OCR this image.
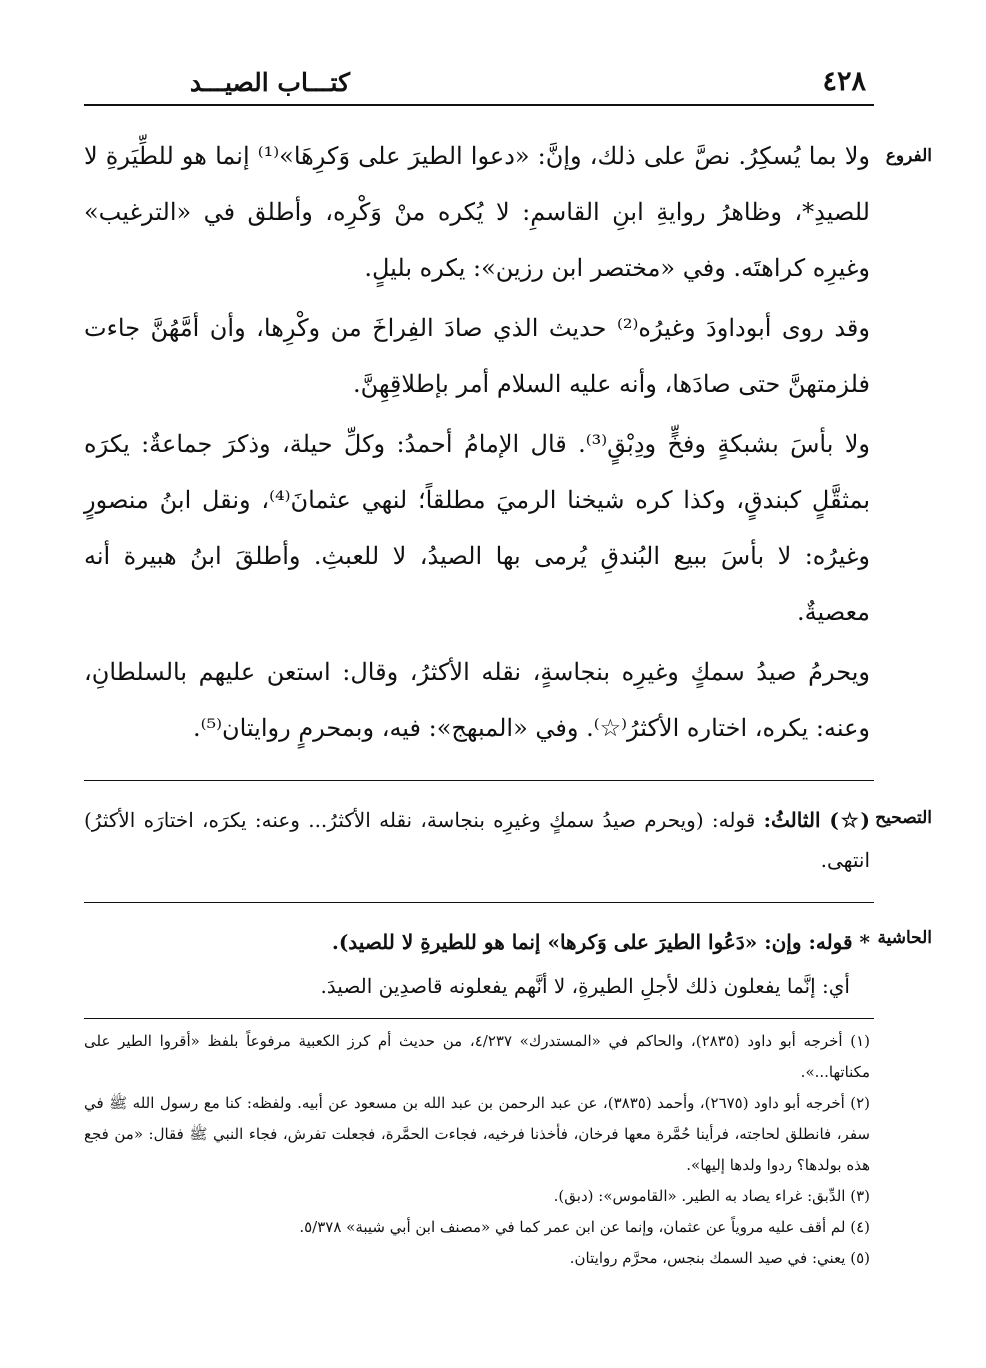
كتـــاب الصيـــد	٤٢٨
الفروع
التصحيح
الحاشية

ولا بما يُسكِرُ. نصَّ على ذلك، وإنَّ: «دعوا الطيرَ على وَكرِهَا»⁽¹⁾ إنما هو للطِّيَرةِ لا للصيدِ*، وظاهرُ روايةِ ابنِ القاسمِ: لا يُكره منْ وَكْرِه، وأطلق في «الترغيب» وغيرِه كراهتَه. وفي «مختصر ابن رزين»: يكره بليلٍ.

وقد روى أبوداودَ وغيرُه⁽²⁾ حديث الذي صادَ الفِراخَ من وكْرِها، وأن أمَّهُنَّ جاءت فلزمتهنَّ حتى صادَها، وأنه عليه السلام أمر بإطلاقِهِنَّ.

ولا بأسَ بشبكةٍ وفخٍّ ودِبْقٍ⁽³⁾. قال الإمامُ أحمدُ: وكلِّ حيلة، وذكرَ جماعةٌ: يكرَه بمثقَّلٍ كبندقٍ، وكذا كره شيخنا الرميَ مطلقاً؛ لنهي عثمانَ⁽⁴⁾، ونقل ابنُ منصورٍ وغيرُه: لا بأسَ ببيع البُندقِ يُرمى بها الصيدُ، لا للعبثِ. وأطلقَ ابنُ هبيرة أنه معصيةٌ.

ويحرمُ صيدُ سمكٍ وغيرِه بنجاسةٍ، نقله الأكثرُ، وقال: استعن عليهم بالسلطانِ، وعنه: يكره، اختاره الأكثرُ⁽☆⁾. وفي «المبهج»: فيه، وبمحرمٍ روايتان⁽⁵⁾.

(☆) الثالثُ: قوله: (ويحرم صيدُ سمكٍ وغيرِه بنجاسة، نقله الأكثرُ... وعنه: يكرَه، اختارَه الأكثرُ) انتهى.
* قوله: وإن: «دَعُوا الطيرَ على وَكرها» إنما هو للطيرةِ لا للصيد).
أي: إنَّما يفعلون ذلك لأجلِ الطيرةِ، لا أنَّهم يفعلونه قاصدِين الصيدَ.

(١) أخرجه أبو داود (٢٨٣٥)، والحاكم في «المستدرك» ٤/٢٣٧، من حديث أم كرز الكعبية مرفوعاً بلفظ «أقروا الطير على مكناتها...».

(٢) أخرجه أبو داود (٢٦٧٥)، وأحمد (٣٨٣٥)، عن عبد الرحمن بن عبد الله بن مسعود عن أبيه. ولفظه: كنا مع رسول الله ﷺ في سفر، فانطلق لحاجته، فرأينا حُمَّرة معها فرخان، فأخذنا فرخيه، فجاءت الحمَّرة، فجعلت تفرش، فجاء النبي ﷺ فقال: «من فجع هذه بولدها؟ ردوا ولدها إليها».

(٣) الدِّبق: غراء يصاد به الطير. «القاموس»: (دبق).

(٤) لم أقف عليه مروياً عن عثمان، وإنما عن ابن عمر كما في «مصنف ابن أبي شيبة» ٥/٣٧٨.

(٥) يعني: في صيد السمك بنجس، محرَّم روايتان.
